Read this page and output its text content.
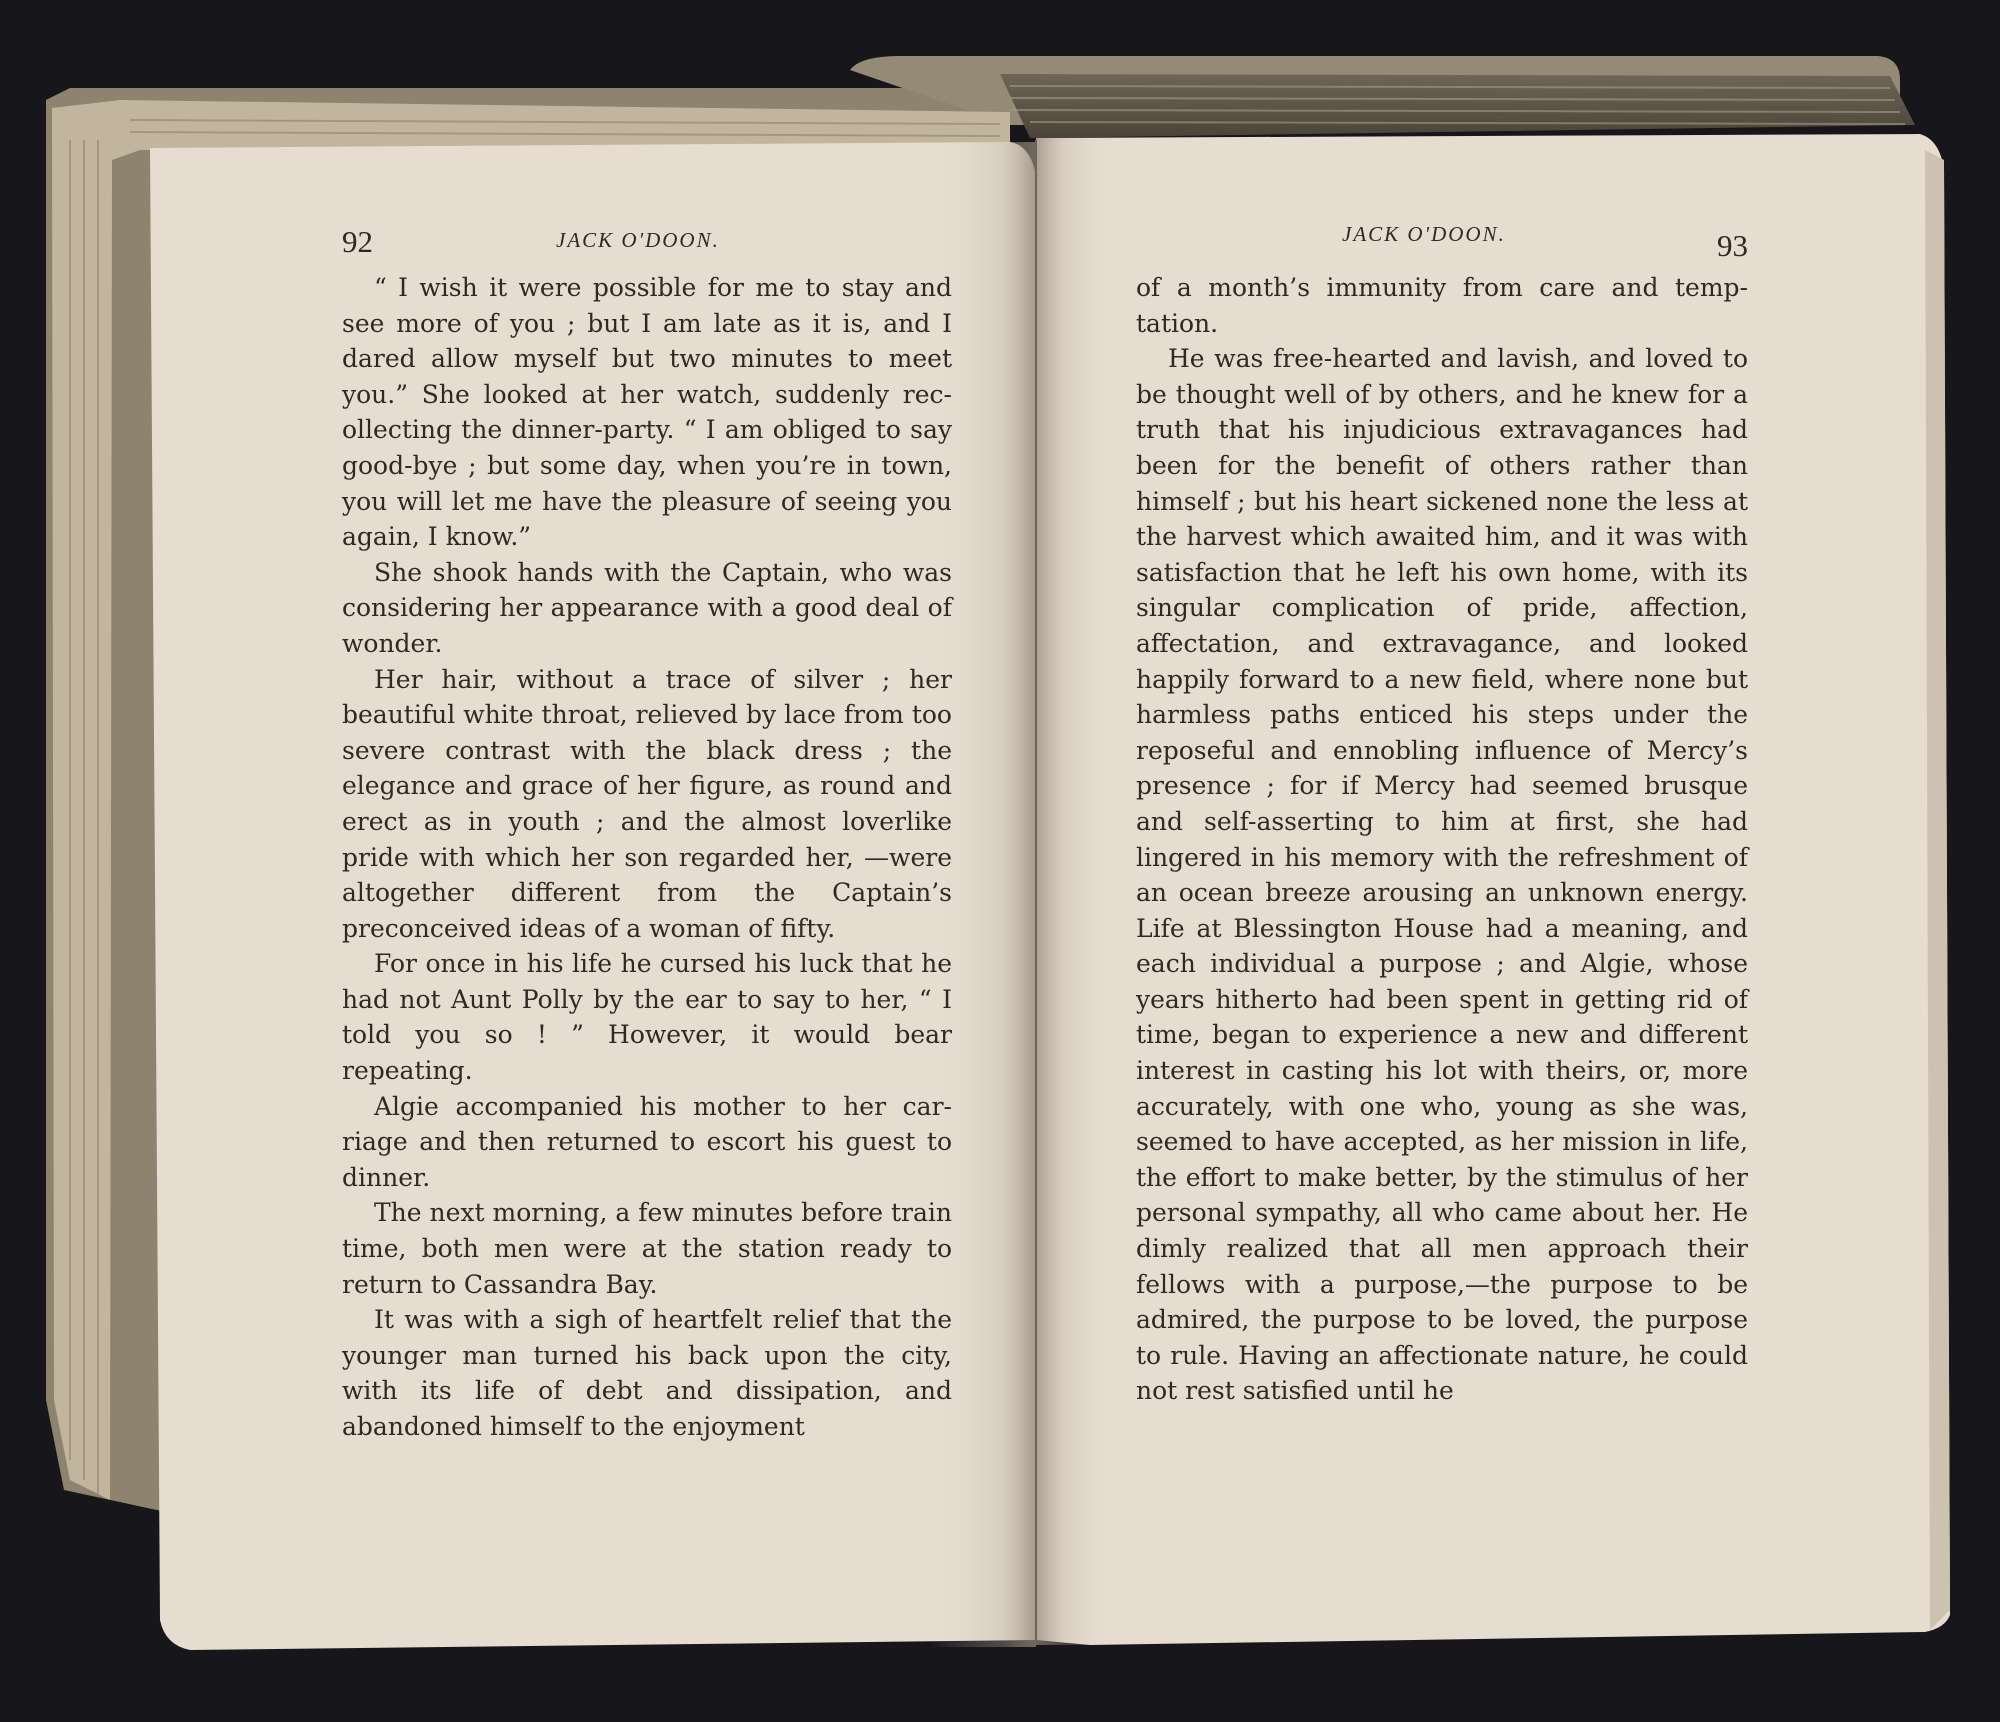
92	JACK O'DOON.

“ I wish it were possible for me to stay and see more of you ; but I am late as it is, and I dared allow myself but two minutes to meet you.” She looked at her watch, suddenly recollecting the dinner-party. “ I am obliged to say good-bye ; but some day, when you’re in town, you will let me have the pleasure of seeing you again, I know.”

She shook hands with the Captain, who was considering her appearance with a good deal of wonder.

Her hair, without a trace of silver ; her beautiful white throat, relieved by lace from too severe contrast with the black dress ; the elegance and grace of her figure, as round and erect as in youth ; and the almost loverlike pride with which her son regarded her, —were altogether different from the Captain’s preconceived ideas of a woman of fifty.

For once in his life he cursed his luck that he had not Aunt Polly by the ear to say to her, “ I told you so ! ” However, it would bear repeating.

Algie accompanied his mother to her carriage and then returned to escort his guest to dinner.

The next morning, a few minutes before train time, both men were at the station ready to return to Cassandra Bay.

It was with a sigh of heartfelt relief that the younger man turned his back upon the city, with its life of debt and dissipation, and abandoned himself to the enjoyment

JACK O'DOON.	93

of a month’s immunity from care and temptation.

He was free-hearted and lavish, and loved to be thought well of by others, and he knew for a truth that his injudicious extravagances had been for the benefit of others rather than himself ; but his heart sickened none the less at the harvest which awaited him, and it was with satisfaction that he left his own home, with its singular complication of pride, affection, affectation, and extravagance, and looked happily forward to a new field, where none but harmless paths enticed his steps under the reposeful and ennobling influence of Mercy’s presence ; for if Mercy had seemed brusque and self-asserting to him at first, she had lingered in his memory with the refreshment of an ocean breeze arousing an unknown energy. Life at Blessington House had a meaning, and each individual a purpose ; and Algie, whose years hitherto had been spent in getting rid of time, began to experience a new and different interest in casting his lot with theirs, or, more accurately, with one who, young as she was, seemed to have accepted, as her mission in life, the effort to make better, by the stimulus of her personal sympathy, all who came about her. He dimly realized that all men approach their fellows with a purpose,—the purpose to be admired, the purpose to be loved, the purpose to rule. Having an affectionate nature, he could not rest satisfied until he
